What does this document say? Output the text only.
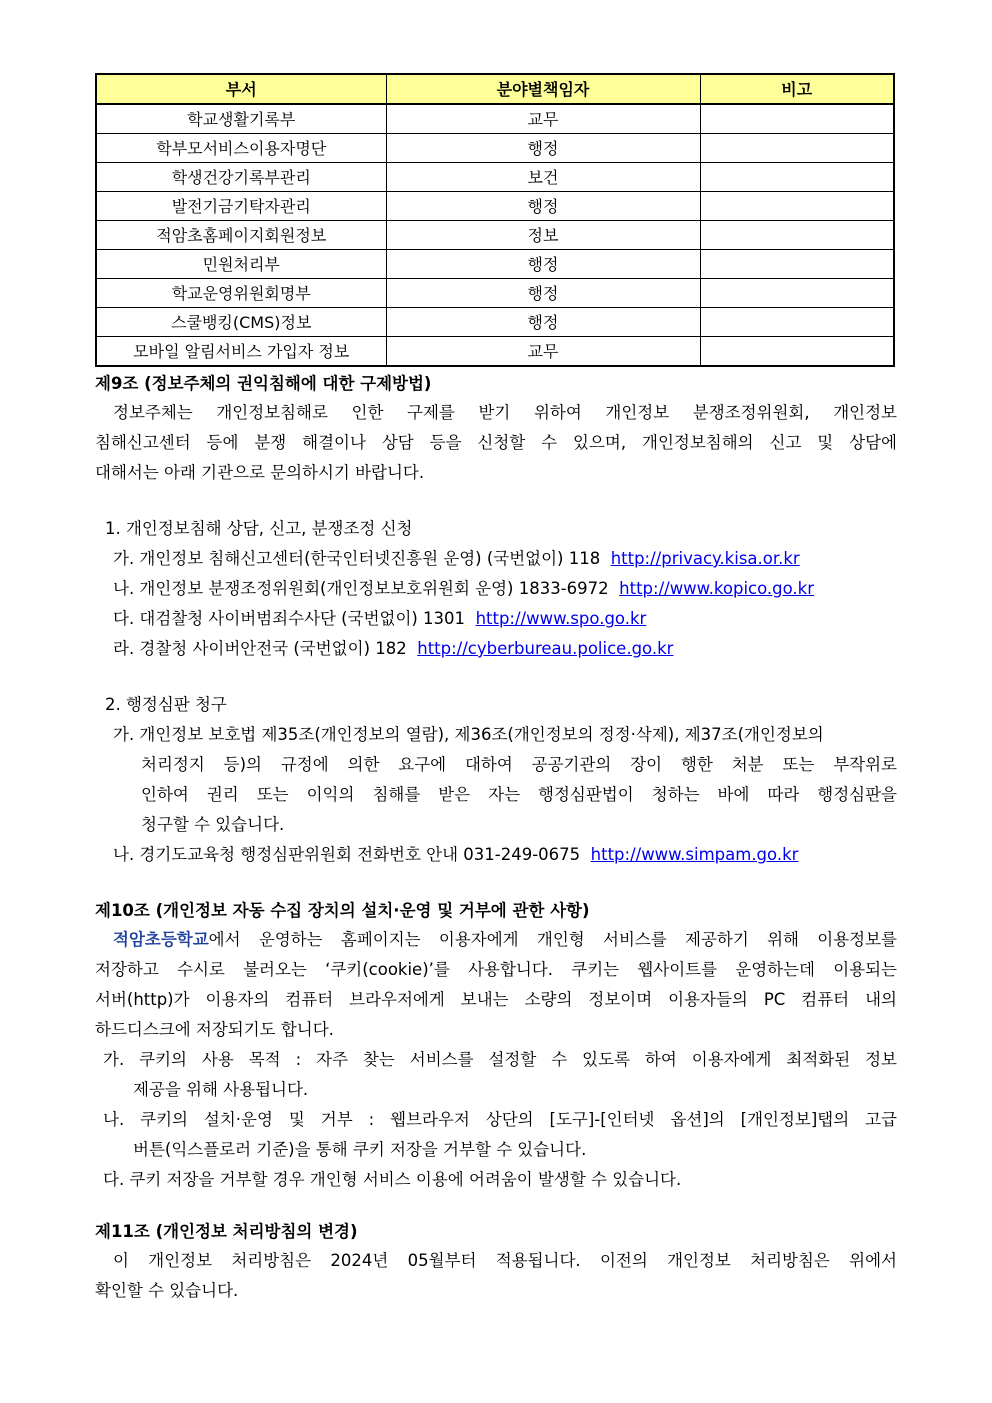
부서	분야별책임자	비고
학교생활기록부	교무	
학부모서비스이용자명단	행정	
학생건강기록부관리	보건	
발전기금기탁자관리	행정	
적암초홈페이지회원정보	정보	
민원처리부	행정	
학교운영위원회명부	행정	
스쿨뱅킹(CMS)정보	행정	
모바일 알림서비스 가입자 정보	교무	
제9조 (정보주체의 권익침해에 대한 구제방법)
정보주체는 개인정보침해로 인한 구제를 받기 위하여 개인정보 분쟁조정위원회, 개인정보
침해신고센터 등에 분쟁 해결이나 상담 등을 신청할 수 있으며, 개인정보침해의 신고 및 상담에
대해서는 아래 기관으로 문의하시기 바랍니다.
1. 개인정보침해 상담, 신고, 분쟁조정 신청
가. 개인정보 침해신고센터(한국인터넷진흥원 운영) (국번없이) 118 http://privacy.kisa.or.kr
나. 개인정보 분쟁조정위원회(개인정보보호위원회 운영) 1833-6972 http://www.kopico.go.kr
다. 대검찰청 사이버범죄수사단 (국번없이) 1301 http://www.spo.go.kr
라. 경찰청 사이버안전국 (국번없이) 182 http://cyberbureau.police.go.kr
2. 행정심판 청구
가. 개인정보 보호법 제35조(개인정보의 열람), 제36조(개인정보의 정정·삭제), 제37조(개인정보의
처리정지 등)의 규정에 의한 요구에 대하여 공공기관의 장이 행한 처분 또는 부작위로
인하여 권리 또는 이익의 침해를 받은 자는 행정심판법이 청하는 바에 따라 행정심판을
청구할 수 있습니다.
나. 경기도교육청 행정심판위원회 전화번호 안내 031-249-0675 http://www.simpam.go.kr
제10조 (개인정보 자동 수집 장치의 설치·운영 및 거부에 관한 사항)
적암초등학교에서 운영하는 홈페이지는 이용자에게 개인형 서비스를 제공하기 위해 이용정보를
저장하고 수시로 불러오는 ‘쿠키(cookie)’를 사용합니다. 쿠키는 웹사이트를 운영하는데 이용되는
서버(http)가 이용자의 컴퓨터 브라우저에게 보내는 소량의 정보이며 이용자들의 PC 컴퓨터 내의
하드디스크에 저장되기도 합니다.
가. 쿠키의 사용 목적 : 자주 찾는 서비스를 설정할 수 있도록 하여 이용자에게 최적화된 정보
제공을 위해 사용됩니다.
나. 쿠키의 설치·운영 및 거부 : 웹브라우저 상단의 [도구]-[인터넷 옵션]의 [개인정보]탭의 고급
버튼(익스플로러 기준)을 통해 쿠키 저장을 거부할 수 있습니다.
다. 쿠키 저장을 거부할 경우 개인형 서비스 이용에 어려움이 발생할 수 있습니다.
제11조 (개인정보 처리방침의 변경)
이 개인정보 처리방침은 2024년 05월부터 적용됩니다. 이전의 개인정보 처리방침은 위에서
확인할 수 있습니다.
